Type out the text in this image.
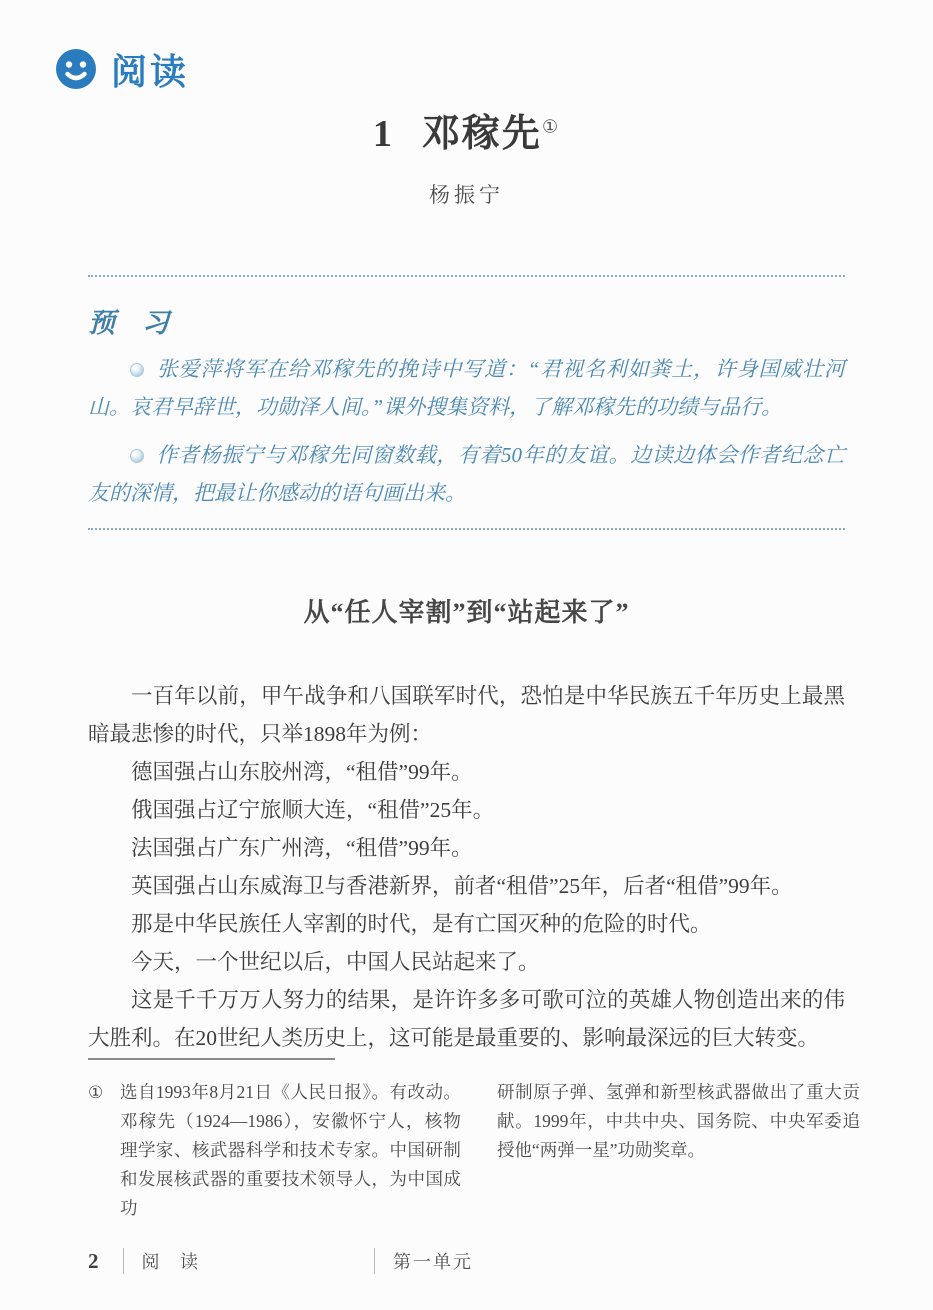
阅读
1 邓稼先①
杨振宁
预　习

张爱萍将军在给邓稼先的挽诗中写道：“君视名利如粪土，许身国威壮河山。哀君早辞世，功勋泽人间。”课外搜集资料，了解邓稼先的功绩与品行。

作者杨振宁与邓稼先同窗数载，有着50年的友谊。边读边体会作者纪念亡友的深情，把最让你感动的语句画出来。

从“任人宰割”到“站起来了”

一百年以前，甲午战争和八国联军时代，恐怕是中华民族五千年历史上最黑暗最悲惨的时代，只举1898年为例：

德国强占山东胶州湾，“租借”99年。

俄国强占辽宁旅顺大连，“租借”25年。

法国强占广东广州湾，“租借”99年。

英国强占山东威海卫与香港新界，前者“租借”25年，后者“租借”99年。

那是中华民族任人宰割的时代，是有亡国灭种的危险的时代。

今天，一个世纪以后，中国人民站起来了。

这是千千万万人努力的结果，是许许多多可歌可泣的英雄人物创造出来的伟大胜利。在20世纪人类历史上，这可能是最重要的、影响最深远的巨大转变。

① 选自1993年8月21日《人民日报》。有改动。邓稼先（1924—1986），安徽怀宁人，核物理学家、核武器科学和技术专家。中国研制和发展核武器的重要技术领导人，为中国成功
研制原子弹、氢弹和新型核武器做出了重大贡献。1999年，中共中央、国务院、中央军委追授他“两弹一星”功勋奖章。
2 阅 读	第一单元
